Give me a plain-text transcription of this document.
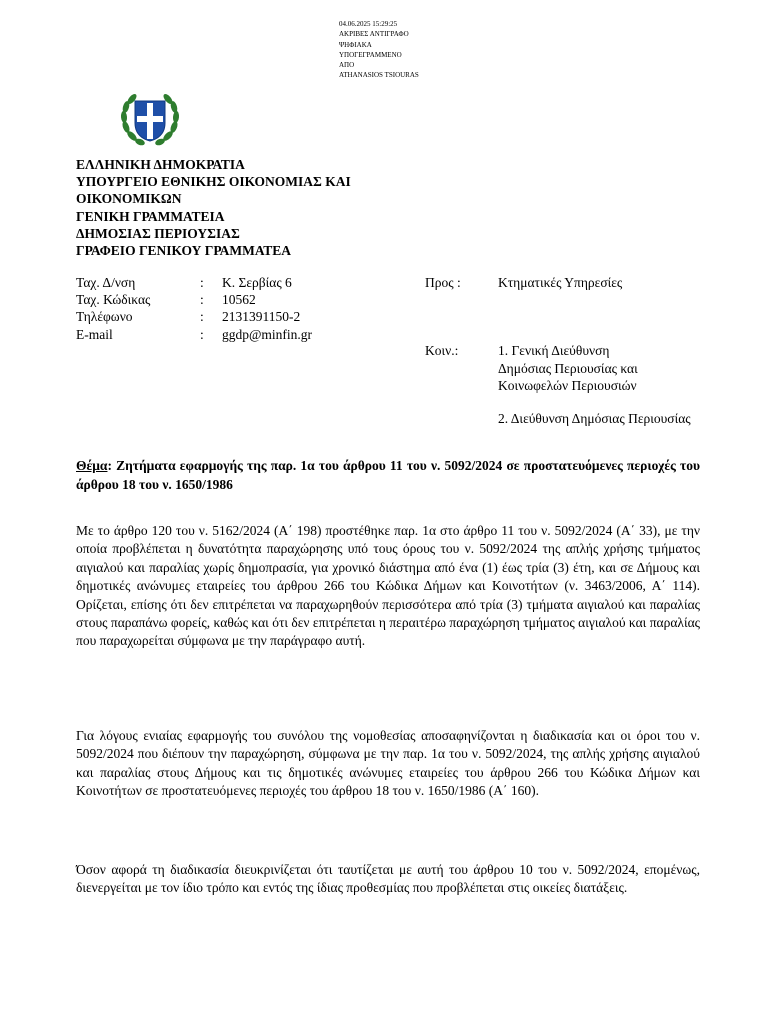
04.06.2025 15:29:25
ΑΚΡΙΒΕΣ ΑΝΤΙΓΡΑΦΟ
ΨΗΦΙΑΚΑ
ΥΠΟΓΕΓΡΑΜΜΕΝΟ
ΑΠΟ
ATHANASIOS TSIOURAS
ΕΛΛΗΝΙΚΗ ΔΗΜΟΚΡΑΤΙΑ
ΥΠΟΥΡΓΕΙΟ ΕΘΝΙΚΗΣ ΟΙΚΟΝΟΜΙΑΣ ΚΑΙ
ΟΙΚΟΝΟΜΙΚΩΝ
ΓΕΝΙΚΗ ΓΡΑΜΜΑΤΕΙΑ
ΔΗΜΟΣΙΑΣ ΠΕΡΙΟΥΣΙΑΣ
ΓΡΑΦΕΙΟ ΓΕΝΙΚΟΥ ΓΡΑΜΜΑΤΕΑ
Ταχ. Δ/νση	: Κ. Σερβίας 6
Ταχ. Κώδικας	: 10562
Τηλέφωνο	: 2131391150-2
E-mail	: ggdp@minfin.gr
Προς :	Κτηματικές Υπηρεσίες
Κοιν.:	1. Γενική Διεύθυνση
Δημόσιας Περιουσίας και
Κοινωφελών Περιουσιών
2. Διεύθυνση Δημόσιας Περιουσίας
Θέμα: Ζητήματα εφαρμογής της παρ. 1α του άρθρου 11 του ν. 5092/2024 σε προστατευόμενες περιοχές του άρθρου 18 του ν. 1650/1986
Με το άρθρο 120 του ν. 5162/2024 (Α΄ 198) προστέθηκε παρ. 1α στο άρθρο 11 του ν. 5092/2024 (Α΄ 33), με την οποία προβλέπεται η δυνατότητα παραχώρησης υπό τους όρους του ν. 5092/2024 της απλής χρήσης τμήματος αιγιαλού και παραλίας χωρίς δημοπρασία, για χρονικό διάστημα από ένα (1) έως τρία (3) έτη, και σε Δήμους και δημοτικές ανώνυμες εταιρείες του άρθρου 266 του Κώδικα Δήμων και Κοινοτήτων (ν. 3463/2006, Α΄ 114). Ορίζεται, επίσης ότι δεν επιτρέπεται να παραχωρηθούν περισσότερα από τρία (3) τμήματα αιγιαλού και παραλίας στους παραπάνω φορείς, καθώς και ότι δεν επιτρέπεται η περαιτέρω παραχώρηση τμήματος αιγιαλού και παραλίας που παραχωρείται σύμφωνα με την παράγραφο αυτή.
Για λόγους ενιαίας εφαρμογής του συνόλου της νομοθεσίας αποσαφηνίζονται η διαδικασία και οι όροι του ν. 5092/2024 που διέπουν την παραχώρηση, σύμφωνα με την παρ. 1α του ν. 5092/2024, της απλής χρήσης αιγιαλού και παραλίας στους Δήμους και τις δημοτικές ανώνυμες εταιρείες του άρθρου 266 του Κώδικα Δήμων και Κοινοτήτων σε προστατευόμενες περιοχές του άρθρου 18 του ν. 1650/1986 (Α΄ 160).
Όσον αφορά τη διαδικασία διευκρινίζεται ότι ταυτίζεται με αυτή του άρθρου 10 του ν. 5092/2024, επομένως, διενεργείται με τον ίδιο τρόπο και εντός της ίδιας προθεσμίας που προβλέπεται στις οικείες διατάξεις.
